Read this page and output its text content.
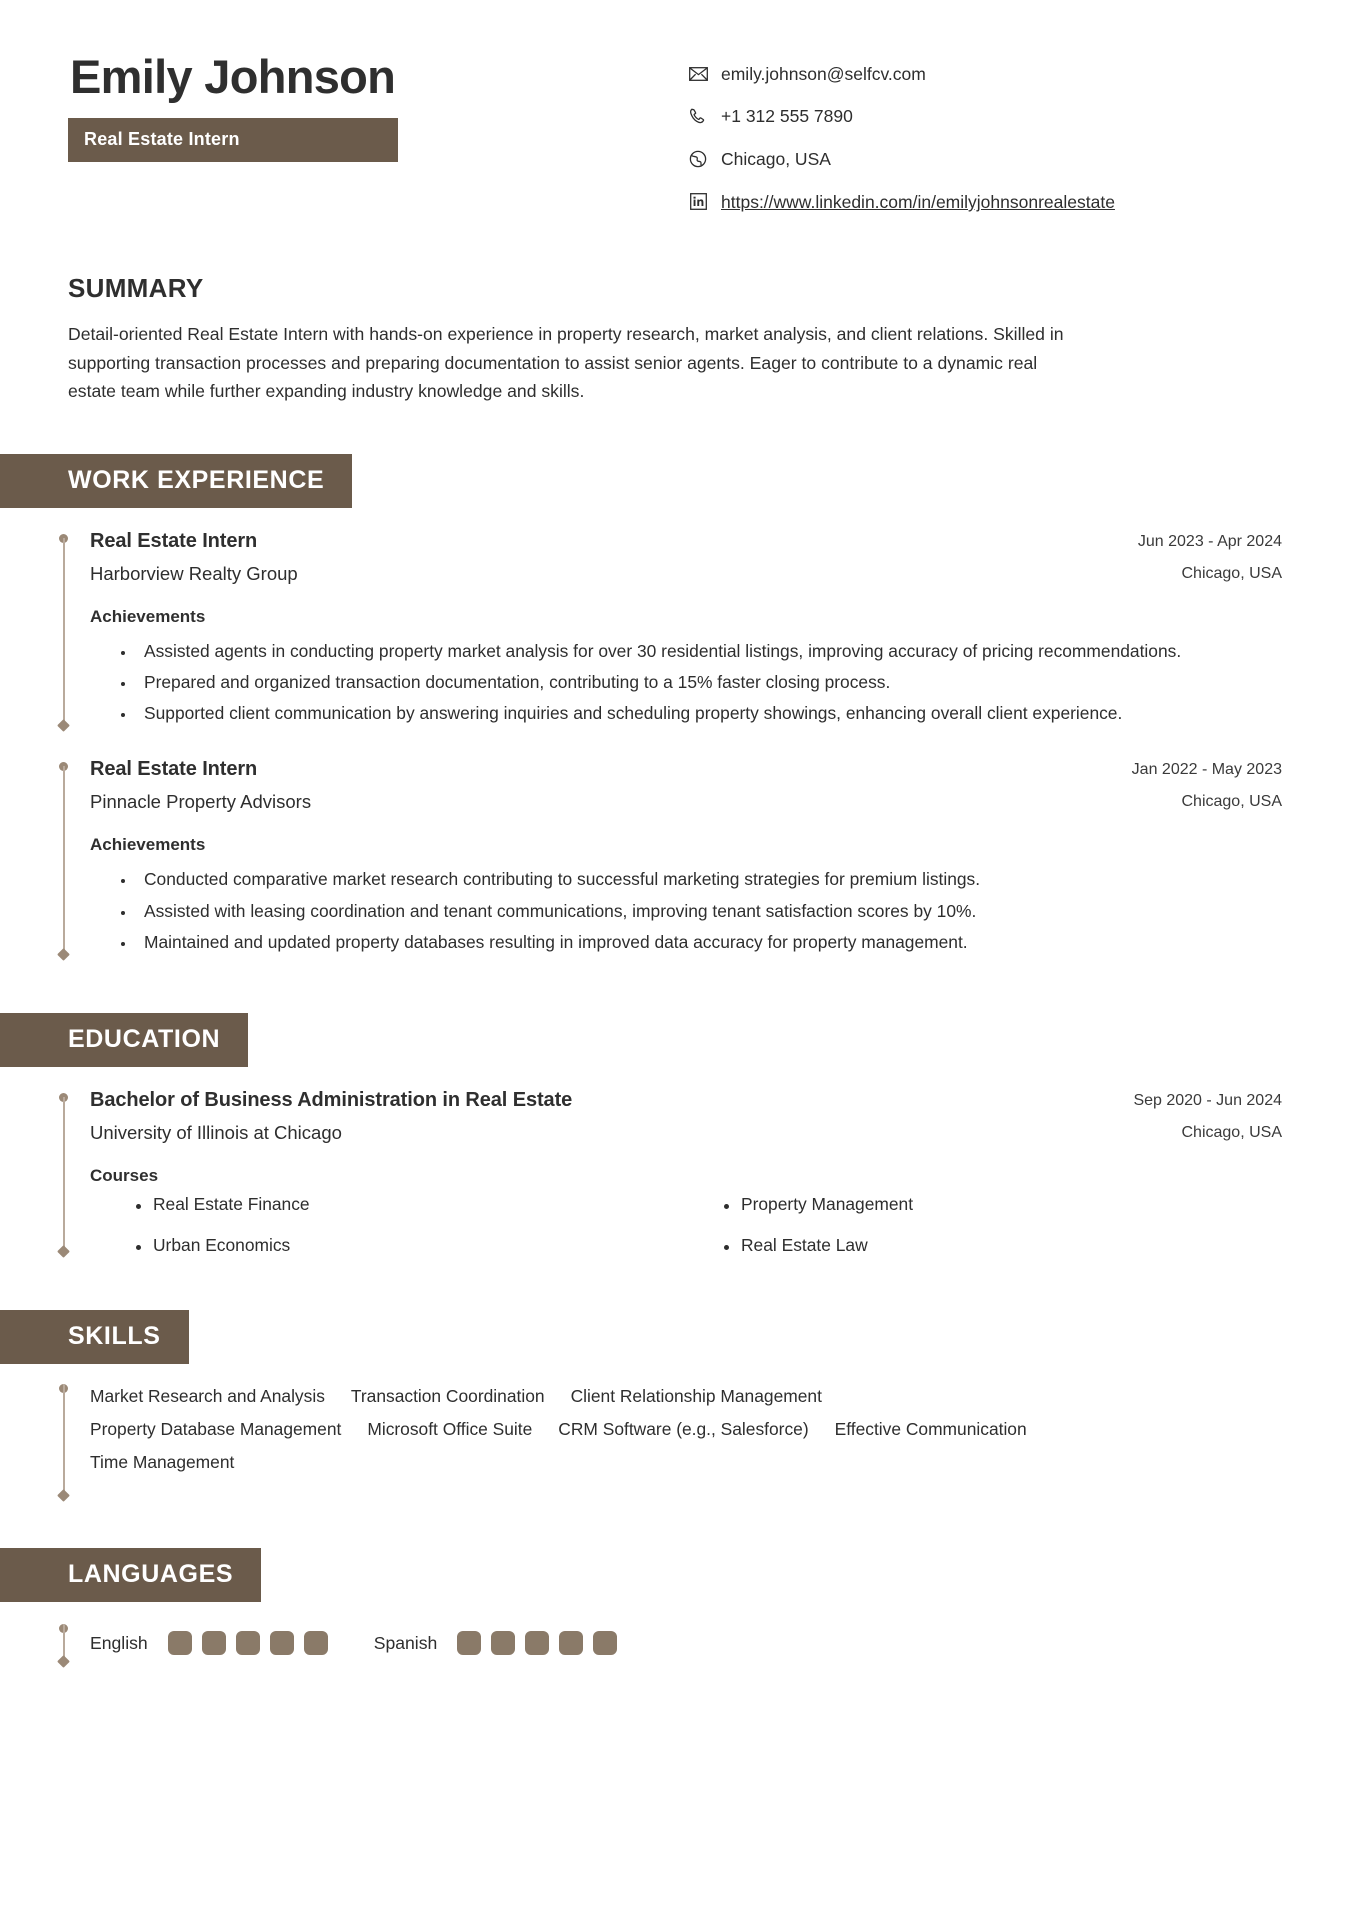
Emily Johnson
Real Estate Intern
emily.johnson@selfcv.com
+1 312 555 7890
Chicago, USA
https://www.linkedin.com/in/emilyjohnsonrealestate
SUMMARY
Detail-oriented Real Estate Intern with hands-on experience in property research, market analysis, and client relations. Skilled in supporting transaction processes and preparing documentation to assist senior agents. Eager to contribute to a dynamic real estate team while further expanding industry knowledge and skills.
WORK EXPERIENCE
Real Estate Intern
Harborview Realty Group
Jun 2023 - Apr 2024
Chicago, USA
Achievements
• Assisted agents in conducting property market analysis for over 30 residential listings, improving accuracy of pricing recommendations.
• Prepared and organized transaction documentation, contributing to a 15% faster closing process.
• Supported client communication by answering inquiries and scheduling property showings, enhancing overall client experience.
Real Estate Intern
Pinnacle Property Advisors
Jan 2022 - May 2023
Chicago, USA
Achievements
• Conducted comparative market research contributing to successful marketing strategies for premium listings.
• Assisted with leasing coordination and tenant communications, improving tenant satisfaction scores by 10%.
• Maintained and updated property databases resulting in improved data accuracy for property management.
EDUCATION
Bachelor of Business Administration in Real Estate
University of Illinois at Chicago
Sep 2020 - Jun 2024
Chicago, USA
Courses
Real Estate Finance	Property Management
Urban Economics	Real Estate Law
SKILLS
Market Research and Analysis Transaction Coordination Client Relationship Management Property Database Management Microsoft Office Suite CRM Software (e.g., Salesforce) Effective Communication Time Management
LANGUAGES
English	Spanish
